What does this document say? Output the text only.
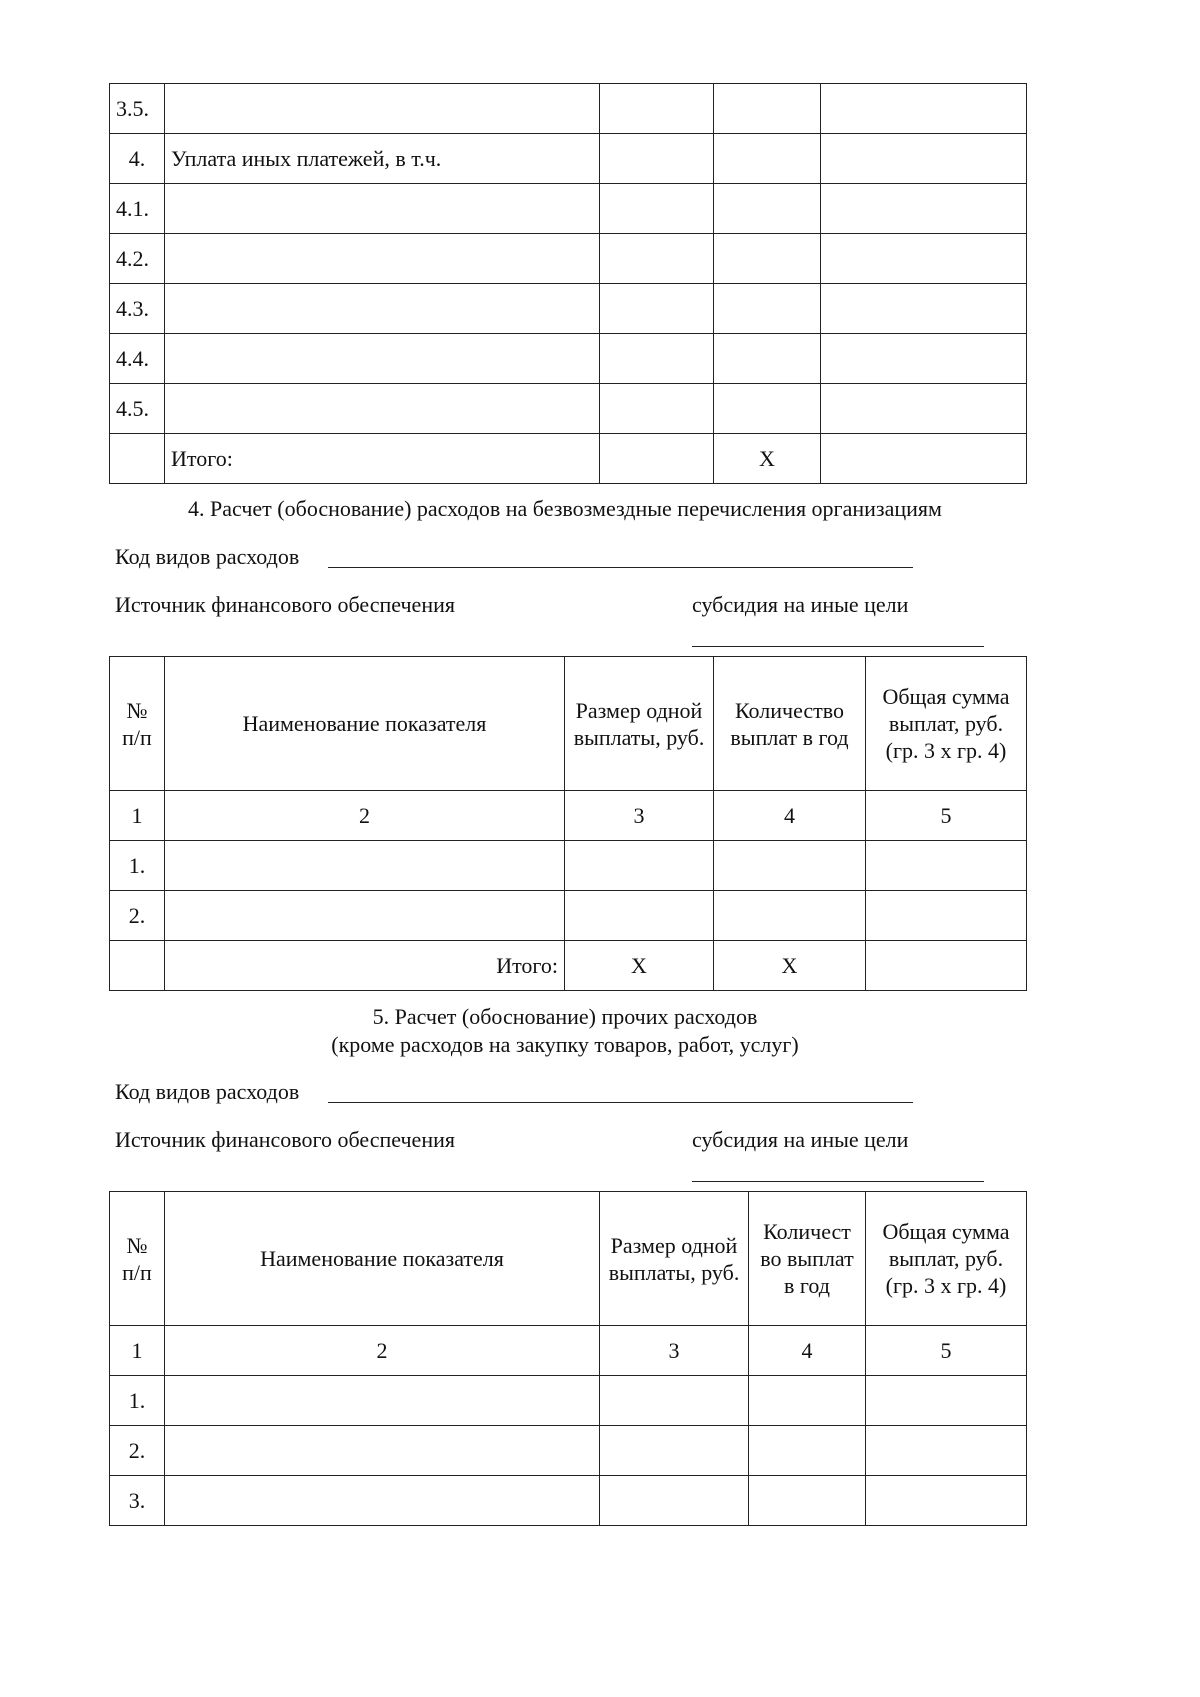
3.5.				
4.	Уплата иных платежей, в т.ч.			
4.1.				
4.2.				
4.3.				
4.4.				
4.5.				
	Итого:		X	
4. Расчет (обоснование) расходов на безвозмездные перечисления организациям
Код видов расходов
Источник финансового обеспечения	субсидия на иные цели
№ п/п	Наименование показателя	Размер одной выплаты, руб.	Количество выплат в год	Общая сумма выплат, руб. (гр. 3 x гр. 4)
1	2	3	4	5
1.				
2.				
	Итого:	X	X	
5. Расчет (обоснование) прочих расходов
(кроме расходов на закупку товаров, работ, услуг)
Код видов расходов
Источник финансового обеспечения	субсидия на иные цели
№ п/п	Наименование показателя	Размер одной выплаты, руб.	Количест во выплат в год	Общая сумма выплат, руб. (гр. 3 x гр. 4)
1	2	3	4	5
1.				
2.				
3.				
